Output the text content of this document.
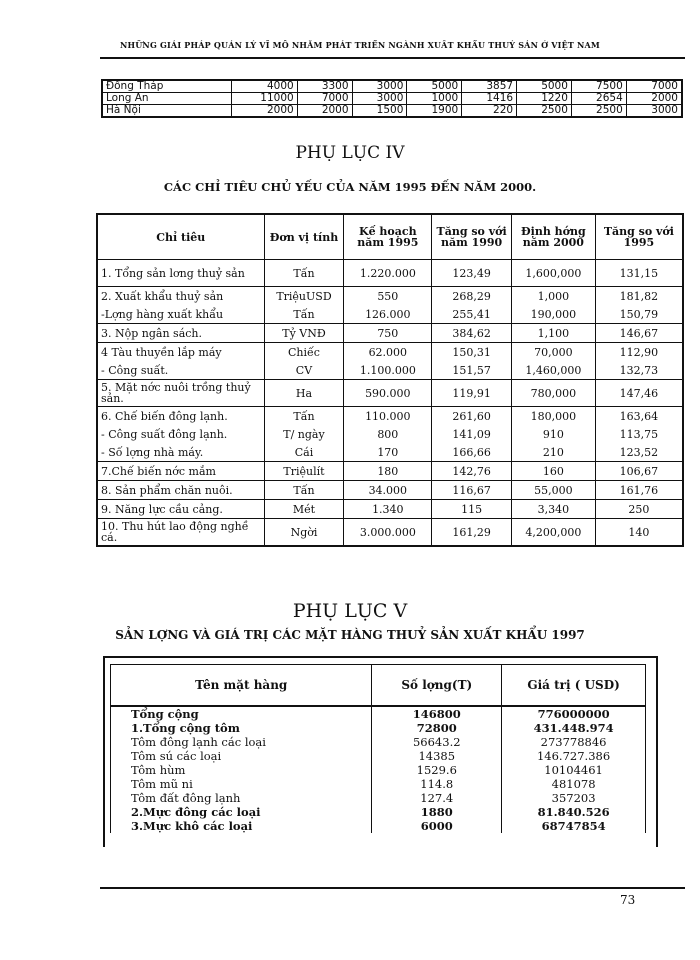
NHỮNG GIẢI PHÁP QUẢN LÝ VĨ MÔ NHẰM PHÁT TRIỂN NGÀNH XUẤT KHẨU THUỶ SẢN Ở VIỆT NAM
Đồng Tháp	4000	3300	3000	5000	3857	5000	7500	7000
Long An	11000	7000	3000	1000	1416	1220	2654	2000
Hà Nội	2000	2000	1500	1900	220	2500	2500	3000
PHỤ LỤC IV
CÁC CHỈ TIÊU CHỦ YẾU CỦA NĂM 1995 ĐẾN NĂM 2000.
Chỉ tiêu	Đơn vị tính	Kế hoạch năm 1995	Tăng so với năm 1990	Định hớng năm 2000	Tăng so với 1995
1. Tổng sản lơng thuỷ sản	Tấn	1.220.000	123,49	1,600,000	131,15
2. Xuất khẩu thuỷ sản	TriệuUSD	550	268,29	1,000	181,82
-Lợng hàng xuất khẩu	Tấn	126.000	255,41	190,000	150,79
3. Nộp ngân sách.	Tỷ VNĐ	750	384,62	1,100	146,67
4 Tàu thuyền lắp máy	Chiếc	62.000	150,31	70,000	112,90
- Công suất.	CV	1.100.000	151,57	1,460,000	132,73
5. Mặt nớc nuôi trồng thuỷ sản.	Ha	590.000	119,91	780,000	147,46
6. Chế biến đông lạnh.	Tấn	110.000	261,60	180,000	163,64
- Công suất đông lạnh.	T/ ngày	800	141,09	910	113,75
- Số lợng nhà máy.	Cái	170	166,66	210	123,52
7.Chế biến nớc mắm	Triệulít	180	142,76	160	106,67
8. Sản phẩm chăn nuôi.	Tấn	34.000	116,67	55,000	161,76
9. Năng lực cầu cảng.	Mét	1.340	115	3,340	250
10. Thu hút lao động nghề cá.	Ngời	3.000.000	161,29	4,200,000	140
PHỤ LỤC V
SẢN LỢNG VÀ GIÁ TRỊ CÁC MẶT HÀNG THUỶ SẢN XUẤT KHẨU 1997
Tên mặt hàng	Số lợng(T)	Giá trị ( USD)
Tổng cộng	146800	776000000
1.Tổng cộng tôm	72800	431.448.974
Tôm đông lạnh các loại	56643.2	273778846
Tôm sú các loại	14385	146.727.386
Tôm hùm	1529.6	10104461
Tôm mũ ni	114.8	481078
Tôm đất đông lạnh	127.4	357203
2.Mực đông các loại	1880	81.840.526
3.Mực khô các loại	6000	68747854
73
